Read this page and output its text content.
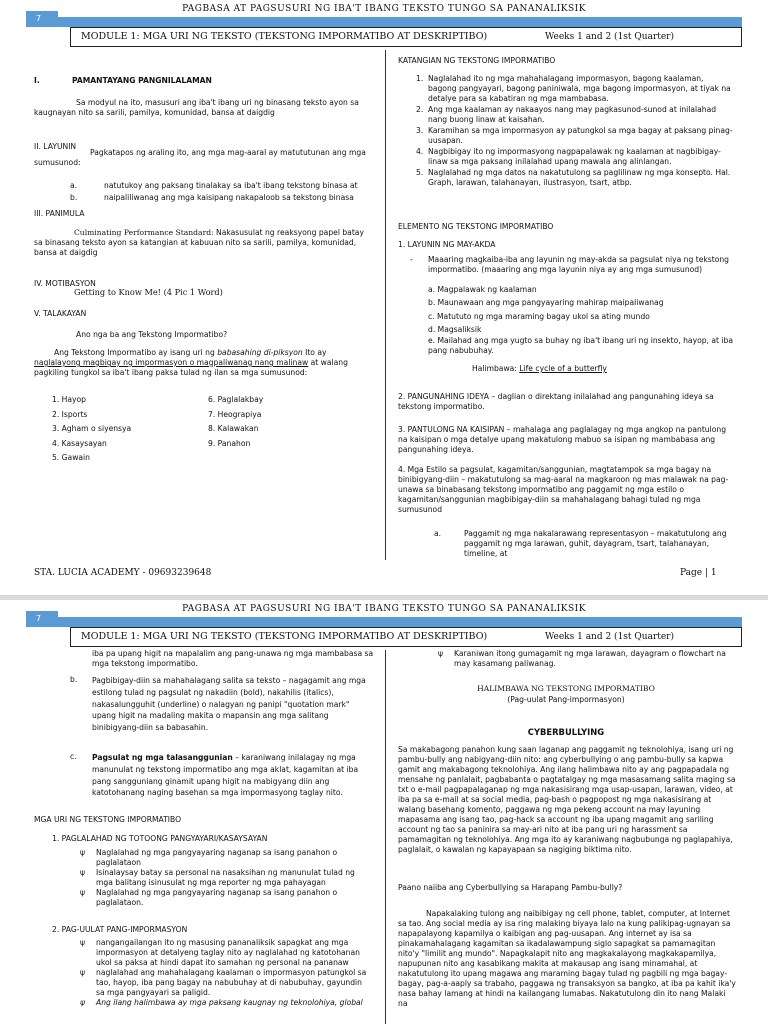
7
PAGBASA AT PAGSUSURI NG IBA'T IBANG TEKSTO TUNGO SA PANANALIKSIK
MODULE 1: MGA URI NG TEKSTO (TEKSTONG IMPORMATIBO AT DESKRIPTIBO)	Weeks 1 and 2 (1st Quarter)
I.	PAMANTAYANG PANGNILALAMAN
Sa modyul na ito, masusuri ang iba't ibang uri ng binasang teksto ayon sa kaugnayan nito sa sarili, pamilya, komunidad, bansa at daigdig
II. LAYUNIN
Pagkatapos ng araling ito, ang mga mag-aaral ay matututunan ang mga sumusunod:
a.	natutukoy ang paksang tinalakay sa iba't ibang tekstong binasa at
b.	naipaliliwanag ang mga kaisipang nakapaloob sa tekstong binasa
III. PANIMULA
Culminating Performance Standard: Nakasusulat ng reaksyong papel batay sa binasang teksto ayon sa katangian at kabuuan nito sa sarili, pamilya, komunidad, bansa at daigdig
IV. MOTIBASYON
Getting to Know Me! (4 Pic 1 Word)
V. TALAKAYAN
Ano nga ba ang Tekstong Impormatibo?
Ang Tekstong Impormatibo ay isang uri ng babasahing di-piksyon Ito ay naglalayong magbigay ng impormasyon o magpaliwanag nang malinaw at walang pagkiling tungkol sa iba't ibang paksa tulad ng ilan sa mga sumusunod:
1. Hayop
2. Isports
3. Agham o siyensya
4. Kasaysayan
5. Gawain
6. Paglalakbay
7. Heograpiya
8. Kalawakan
9. Panahon
KATANGIAN NG TEKSTONG IMPORMATIBO
1. Naglalahad ito ng mga mahahalagang impormasyon, bagong kaalaman, bagong pangyayari, bagong paniniwala, mga bagong impormasyon, at tiyak na detalye para sa kabatiran ng mga mambabasa.
2. Ang mga kaalaman ay nakaayos nang may pagkasunod-sunod at inilalahad nang buong linaw at kaisahan.
3. Karamihan sa mga impormasyon ay patungkol sa mga bagay at paksang pinag-uusapan.
4. Nagbibigay ito ng impormasyong nagpapalawak ng kaalaman at nagbibigay-linaw sa mga paksang inilalahad upang mawala ang alinlangan.
5. Naglalahad ng mga datos na nakatutulong sa paglilinaw ng mga konsepto. Hal. Graph, larawan, talahanayan, ilustrasyon, tsart, atbp.
ELEMENTO NG TEKSTONG IMPORMATIBO
1. LAYUNIN NG MAY-AKDA
- Maaaring magkaiba-iba ang layunin ng may-akda sa pagsulat niya ng tekstong impormatibo. (maaaring ang mga layunin niya ay ang mga sumusunod)
a. Magpalawak ng kaalaman
b. Maunawaan ang mga pangyayaring mahirap maipaliwanag
c. Matututo ng mga maraming bagay ukol sa ating mundo
d. Magsaliksik
e. Mailahad ang mga yugto sa buhay ng iba't ibang uri ng insekto, hayop, at iba pang nabubuhay.
Halimbawa: Life cycle of a butterfly
2. PANGUNAHING IDEYA – daglian o direktang inilalahad ang pangunahing ideya sa tekstong impormatibo.
3. PANTULONG NA KAISIPAN – mahalaga ang paglalagay ng mga angkop na pantulong na kaisipan o mga detalye upang makatulong mabuo sa isipan ng mambabasa ang pangunahing ideya.
4. Mga Estilo sa pagsulat, kagamitan/sanggunian, magtatampok sa mga bagay na binibigyang-diin – makatutulong sa mag-aaral na magkaroon ng mas malawak na pag-unawa sa binabasang tekstong impormatibo ang paggamit ng mga estilo o kagamitan/sanggunian magbibigay-diin sa mahahalagang bahagi tulad ng mga sumusunod
a.	Paggamit ng mga nakalarawang representasyon – makatutulong ang paggamit ng mga larawan, guhit, dayagram, tsart, talahanayan, timeline, at
STA. LUCIA ACADEMY - 09693239648	Page | 1
7
PAGBASA AT PAGSUSURI NG IBA'T IBANG TEKSTO TUNGO SA PANANALIKSIK
MODULE 1: MGA URI NG TEKSTO (TEKSTONG IMPORMATIBO AT DESKRIPTIBO)	Weeks 1 and 2 (1st Quarter)
iba pa upang higit na mapalalim ang pang-unawa ng mga mambabasa sa mga tekstong impormatibo.
b. Pagbibigay-diin sa mahahalagang salita sa teksto – nagagamit ang mga estilong tulad ng pagsulat ng nakadiin (bold), nakahilis (italics), nakasalungguhit (underline) o nalagyan ng panipi "quotation mark" upang higit na madaling makita o mapansin ang mga salitang binibigyang-diin sa babasahin.
c. Pagsulat ng mga talasanggunian – karaniwang inilalagay ng mga manunulat ng tekstong impormatibo ang mga aklat, kagamitan at iba pang sangguniang ginamit upang higit na mabigyang diin ang katotohanang naging basehan sa mga impormasyong taglay nito.
MGA URI NG TEKSTONG IMPORMATIBO
1. PAGLALAHAD NG TOTOONG PANGYAYARI/KASAYSAYAN
ψ Naglalahad ng mga pangyayaring naganap sa isang panahon o paglalataon
ψ Isinalaysay batay sa personal na nasaksihan ng manunulat tulad ng mga balitang isinusulat ng mga reporter ng mga pahayagan
ψ Naglalahad ng mga pangyayaring naganap sa isang panahon o paglalataon.
2. PAG-UULAT PANG-IMPORMASYON
ψ nangangailangan ito ng masusing pananaliksik sapagkat ang mga impormasyon at detalyeng taglay nito ay naglalahad ng katotohanan ukol sa paksa at hindi dapat ito samahan ng personal na pananaw
ψ naglalahad ang mahahalagang kaalaman o impormasyon patungkol sa tao, hayop, iba pang bagay na nabubuhay at di nabubuhay, gayundin sa mga pangyayari sa paligid.
ψ Ang ilang halimbawa ay mga paksang kaugnay ng teknolohiya, global
ψ Karaniwan itong gumagamit ng mga larawan, dayagram o flowchart na may kasamang paliwanag.
HALIMBAWA NG TEKSTONG IMPORMATIBO
(Pag-uulat Pang-impormasyon)
CYBERBULLYING
Sa makabagong panahon kung saan laganap ang paggamit ng teknolohiya, isang uri ng pambu-bully ang nabigyang-diin nito: ang cyberbullying o ang pambu-bully sa kapwa gamit ang makabagong teknolohiya. Ang ilang halimbawa nito ay ang pagpapadala ng mensahe ng panlalait, pagbabanta o pagtatalgay ng mga masasamang salita maging sa txt o e-mail pagpapalaganap ng mga nakasisirang mga usap-usapan, larawan, video, at iba pa sa e-mail at sa social media, pag-bash o pagpopost ng mga nakasisirang at walang basehang komento, paggawa ng mga pekeng account na may layuning mapasama ang isang tao, pag-hack sa account ng iba upang magamit ang sariling account ng tao sa paninira sa may-ari nito at iba pang uri ng harassment sa pamamagitan ng teknolohiya. Ang mga ito ay karaniwang nagbubunga ng paglapahiya, paglalait, o kawalan ng kapayapaan sa nagiging biktima nito.
Paano naiiba ang Cyberbullying sa Harapang Pambu-bully?
Napakalaking tulong ang naibibigay ng cell phone, tablet, computer, at Internet sa tao. Ang social media ay isa ring malaking biyaya lalo na kung palikipag-ugnayan sa napapalayong kapamilya o kaibigan ang pag-uusapan. Ang internet ay isa sa pinakamahalagang kagamitan sa ikadalawampung siglo sapagkat sa pamamagitan nito'y "limilit ang mundo". Napagkalapit nito ang magkakalayong magkakapamilya, napupunan nito ang kasabikang makita at makausap ang isang minamahal, at nakatutulong ito upang magawa ang maraming bagay tulad ng pagbili ng mga bagay-bagay, pag-a-aaply sa trabaho, paggawa ng transaksyon sa bangko, at iba pa kahit ika'y nasa bahay lamang at hindi na kailangang lumabas. Nakatutulong din ito nang Malaki na
